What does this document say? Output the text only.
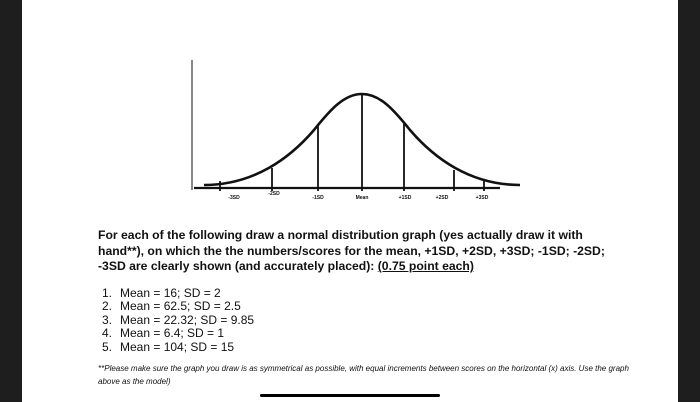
-3SD
-2SD
-1SD	Mean	+1SD	+2SD	+3SD

For each of the following draw a normal distribution graph (yes actually draw it with hand**), on which the the numbers/scores for the mean, +1SD, +2SD, +3SD; -1SD; -2SD; -3SD are clearly shown (and accurately placed): (0.75 point each)

1. Mean = 16; SD = 2
2. Mean = 62.5; SD = 2.5
3. Mean = 22.32; SD = 9.85
4. Mean = 6.4; SD = 1
5. Mean = 104; SD = 15

**Please make sure the graph you draw is as symmetrical as possible, with equal increments between scores on the horizontal (x) axis. Use the graph above as the model)
